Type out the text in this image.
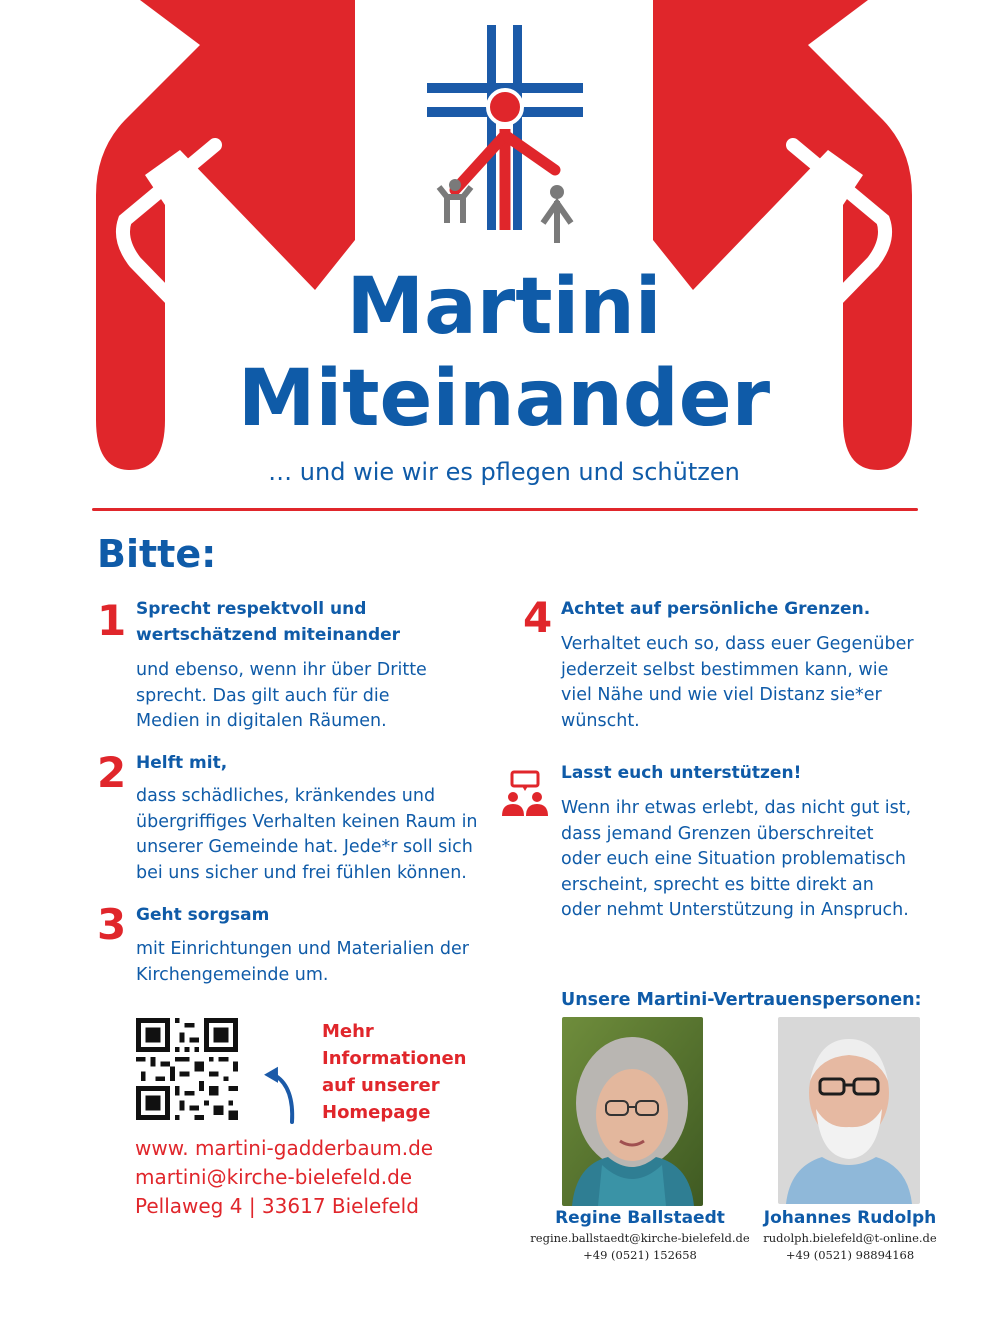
Martini
Miteinander
… und wie wir es pflegen und schützen
Bitte:
1 Sprecht respektvoll und
wertschätzend miteinander
und ebenso, wenn ihr über Dritte
sprecht. Das gilt auch für die
Medien in digitalen Räumen.
2 Helft mit,
dass schädliches, kränkendes und
übergriffiges Verhalten keinen Raum in
unserer Gemeinde hat. Jede*r soll sich
bei uns sicher und frei fühlen können.
3 Geht sorgsam
mit Einrichtungen und Materialien der
Kirchengemeinde um.
4 Achtet auf persönliche Grenzen.
Verhaltet euch so, dass euer Gegenüber
jederzeit selbst bestimmen kann, wie
viel Nähe und wie viel Distanz sie*er
wünscht.
Lasst euch unterstützen!
Wenn ihr etwas erlebt, das nicht gut ist,
dass jemand Grenzen überschreitet
oder euch eine Situation problematisch
erscheint, sprecht es bitte direkt an
oder nehmt Unterstützung in Anspruch.
Mehr
Informationen
auf unserer
Homepage
www. martini-gadderbaum.de
martini@kirche-bielefeld.de
Pellaweg 4 | 33617 Bielefeld
Unsere Martini-Vertrauenspersonen:
Regine Ballstaedt
regine.ballstaedt@kirche-bielefeld.de
+49 (0521) 152658
Johannes Rudolph
rudolph.bielefeld@t-online.de
+49 (0521) 98894168
